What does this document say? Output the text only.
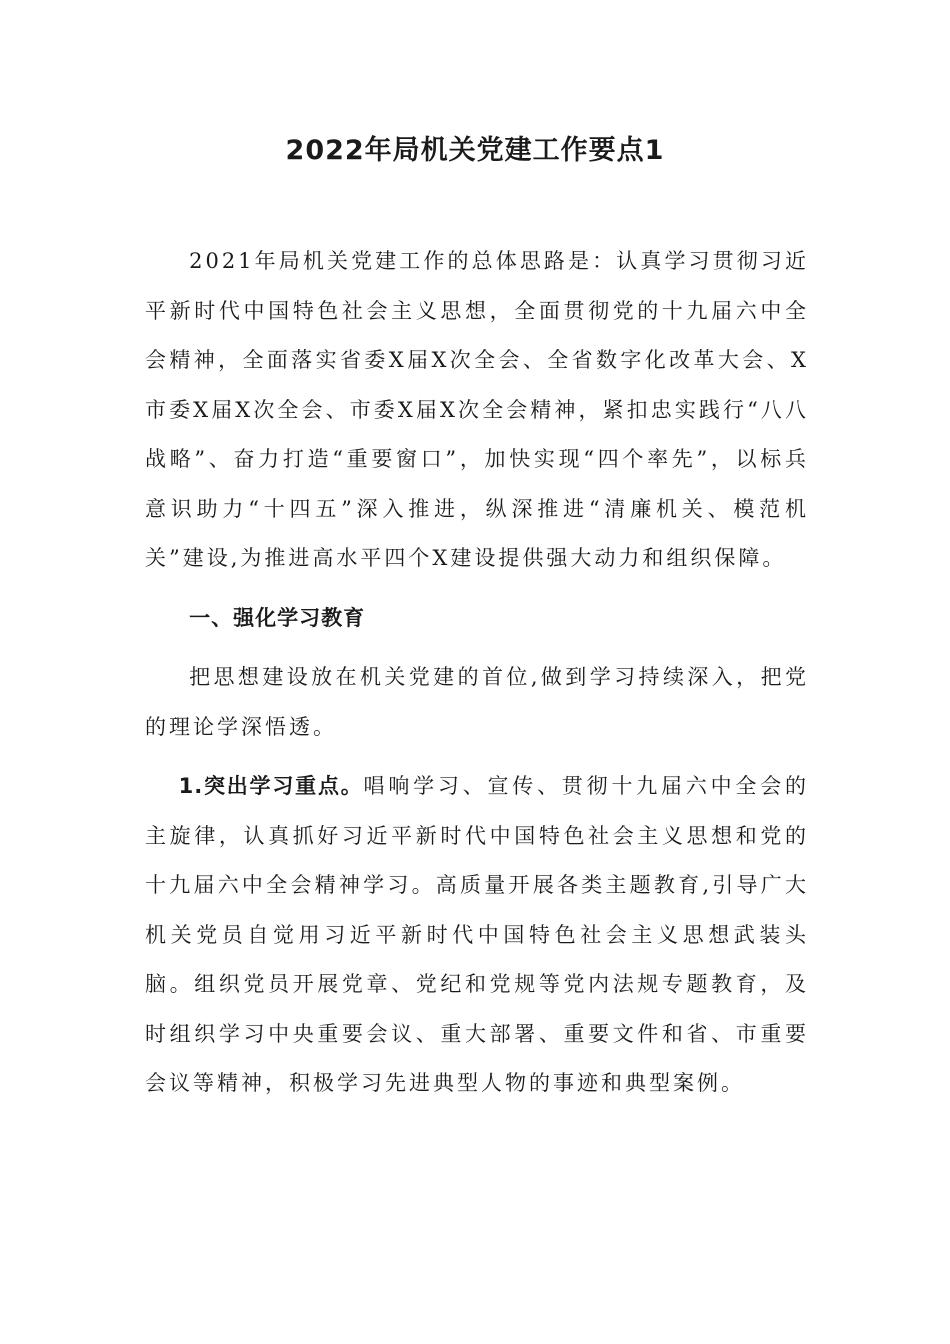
2022年局机关党建工作要点1

2021年局机关党建工作的总体思路是：认真学习贯彻习近平新时代中国特色社会主义思想，全面贯彻党的十九届六中全会精神，全面落实省委X届X次全会、全省数字化改革大会、X市委X届X次全会、市委X届X次全会精神，紧扣忠实践行“八八战略”、奋力打造“重要窗口”，加快实现“四个率先”，以标兵意识助力“十四五”深入推进，纵深推进“清廉机关、模范机关”建设,为推进高水平四个X建设提供强大动力和组织保障。

一、强化学习教育

把思想建设放在机关党建的首位,做到学习持续深入，把党的理论学深悟透。

1.突出学习重点。唱响学习、宣传、贯彻十九届六中全会的主旋律，认真抓好习近平新时代中国特色社会主义思想和党的十九届六中全会精神学习。高质量开展各类主题教育,引导广大机关党员自觉用习近平新时代中国特色社会主义思想武装头脑。组织党员开展党章、党纪和党规等党内法规专题教育，及时组织学习中央重要会议、重大部署、重要文件和省、市重要会议等精神，积极学习先进典型人物的事迹和典型案例。
